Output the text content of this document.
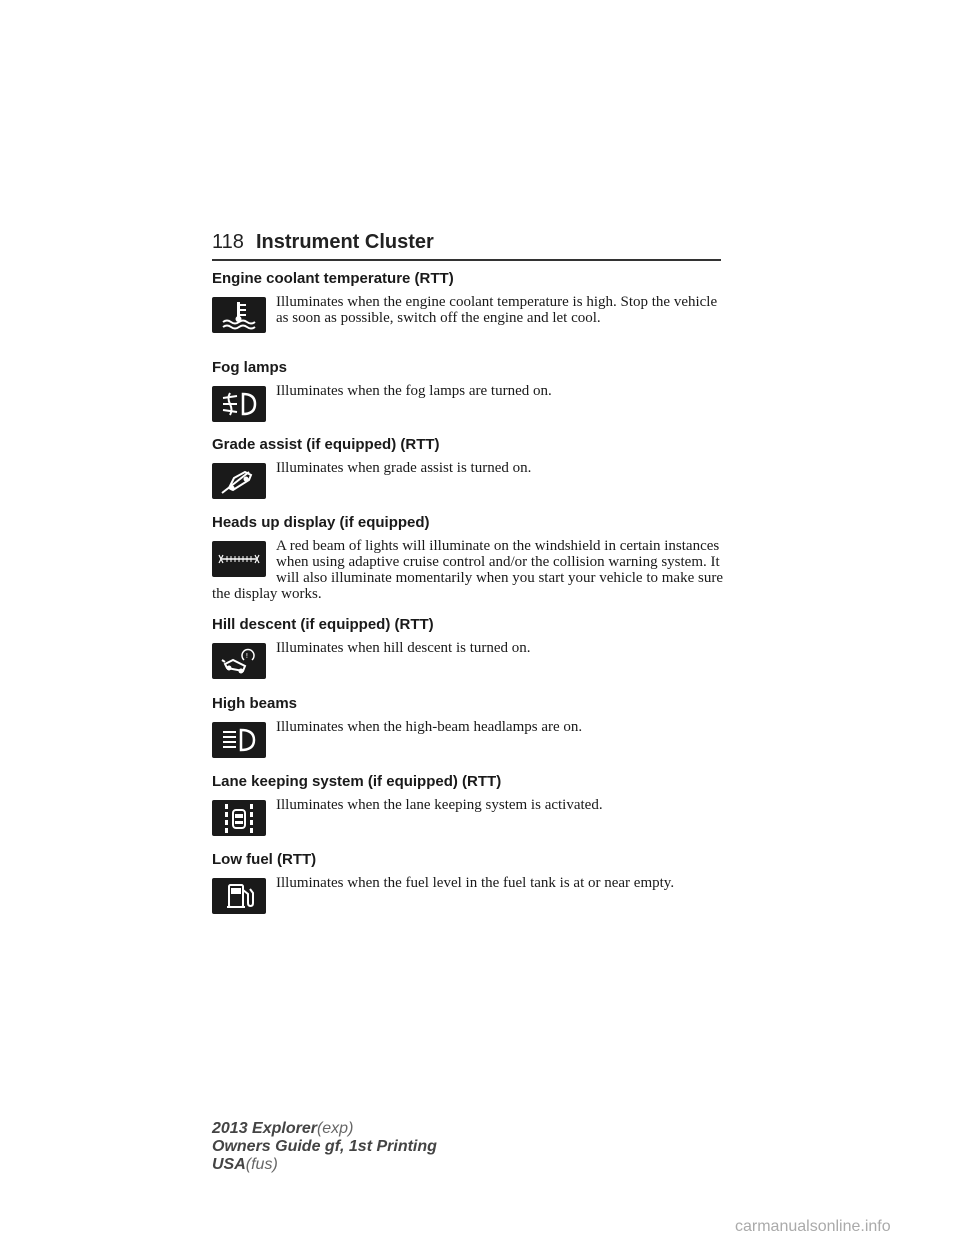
118 Instrument Cluster
Engine coolant temperature (RTT)

Illuminates when the engine coolant temperature is high. Stop the vehicle as soon as possible, switch off the engine and let cool.

Fog lamps

Illuminates when the fog lamps are turned on.

Grade assist (if equipped) (RTT)

Illuminates when grade assist is turned on.

Heads up display (if equipped)

A red beam of lights will illuminate on the windshield in certain instances when using adaptive cruise control and/or the collision warning system. It will also illuminate momentarily when you start your vehicle to make sure the display works.

Hill descent (if equipped) (RTT)
!	Illuminates when hill descent is turned on.

High beams

Illuminates when the high-beam headlamps are on.

Lane keeping system (if equipped) (RTT)

Illuminates when the lane keeping system is activated.

Low fuel (RTT)

Illuminates when the fuel level in the fuel tank is at or near empty.

2013 Explorer(exp)
Owners Guide gf, 1st Printing
USA(fus)
carmanualsonline.info
